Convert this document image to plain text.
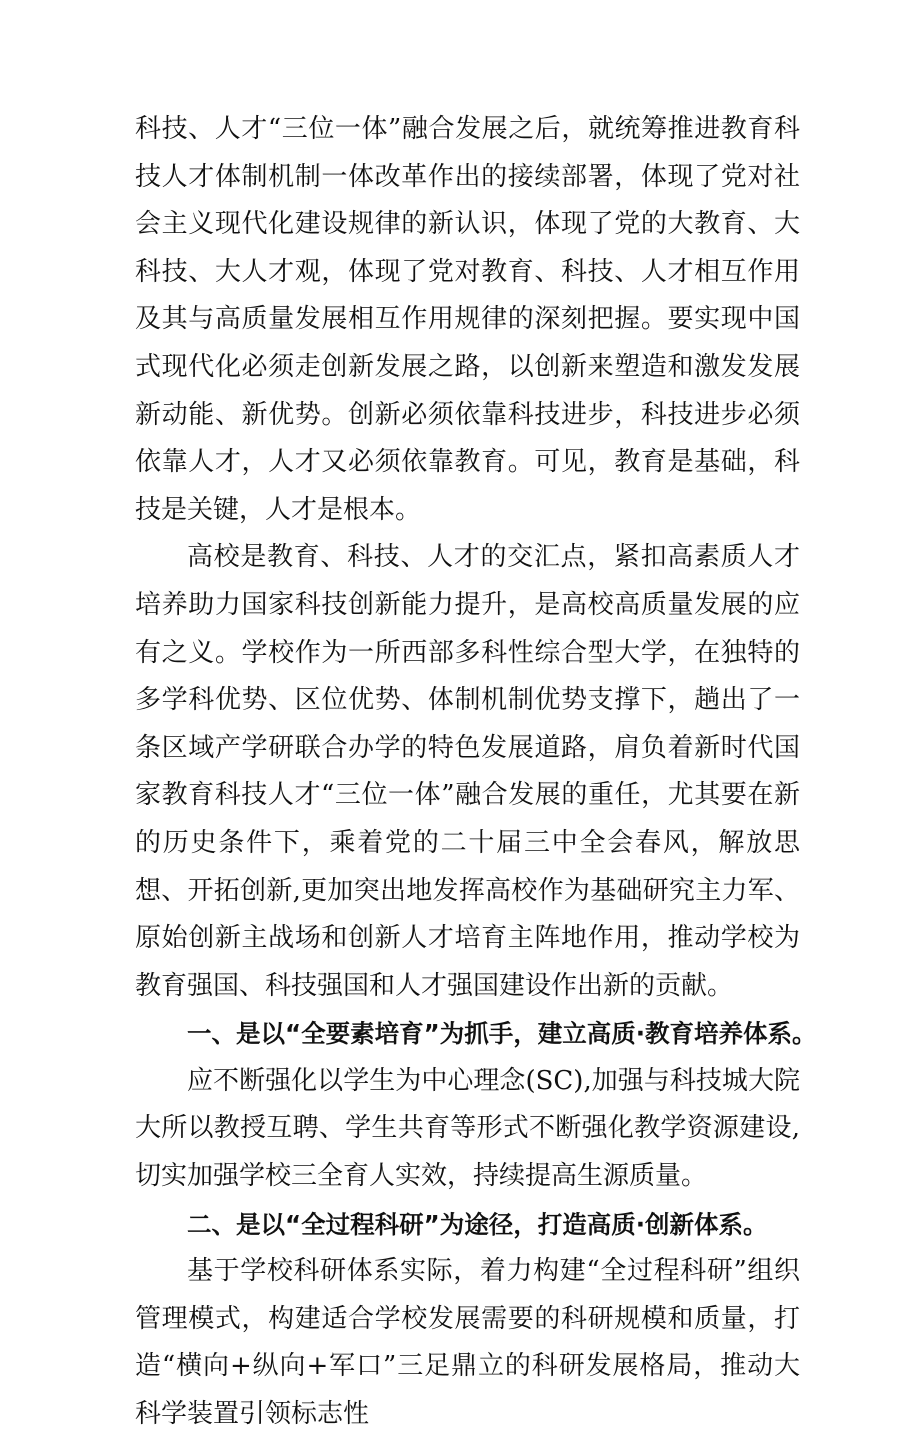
科技、人才“三位一体”融合发展之后，就统筹推进教育科技人才体制机制一体改革作出的接续部署，体现了党对社会主义现代化建设规律的新认识，体现了党的大教育、大科技、大人才观，体现了党对教育、科技、人才相互作用及其与高质量发展相互作用规律的深刻把握。要实现中国式现代化必须走创新发展之路，以创新来塑造和激发发展新动能、新优势。创新必须依靠科技进步，科技进步必须依靠人才，人才又必须依靠教育。可见，教育是基础，科技是关键，人才是根本。

高校是教育、科技、人才的交汇点，紧扣高素质人才培养助力国家科技创新能力提升，是高校高质量发展的应有之义。学校作为一所西部多科性综合型大学，在独特的多学科优势、区位优势、体制机制优势支撑下，趟出了一条区域产学研联合办学的特色发展道路，肩负着新时代国家教育科技人才“三位一体”融合发展的重任，尤其要在新的历史条件下，乘着党的二十届三中全会春风，解放思想、开拓创新,更加突出地发挥高校作为基础研究主力军、原始创新主战场和创新人才培育主阵地作用，推动学校为教育强国、科技强国和人才强国建设作出新的贡献。

一、是以“全要素培育”为抓手，建立高质·教育培养体系。

应不断强化以学生为中心理念(SC),加强与科技城大院大所以教授互聘、学生共育等形式不断强化教学资源建设,切实加强学校三全育人实效，持续提高生源质量。

二、是以“全过程科研”为途径，打造高质·创新体系。

基于学校科研体系实际，着力构建“全过程科研”组织管理模式，构建适合学校发展需要的科研规模和质量，打造“横向+纵向+军口”三足鼎立的科研发展格局，推动大科学装置引领标志性
